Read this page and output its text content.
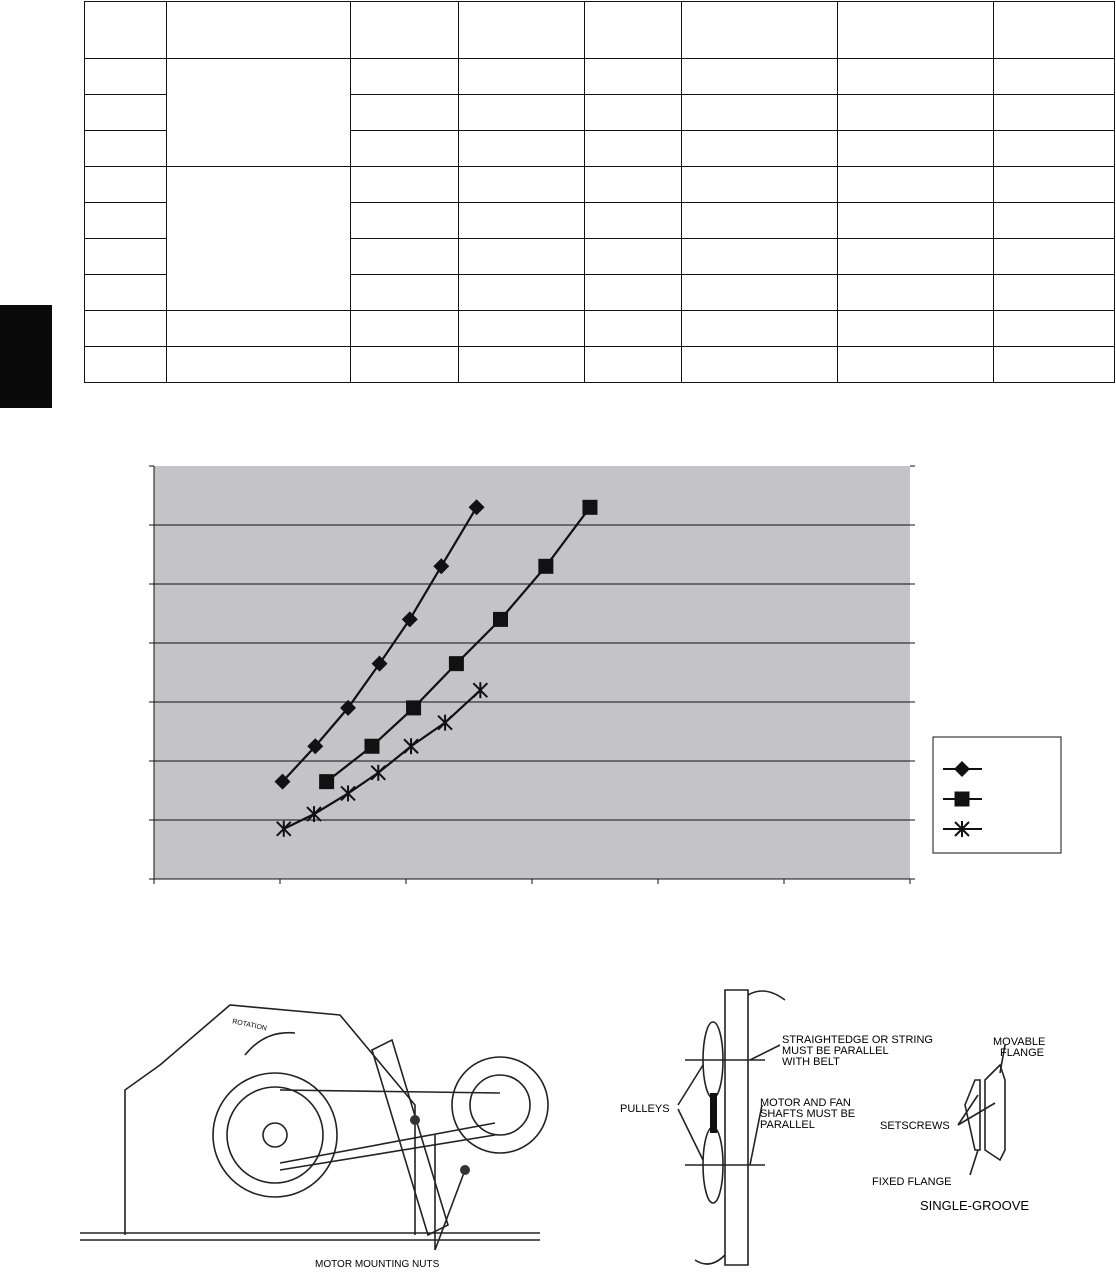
ROTATION
MOTOR MOUNTING NUTS
STRAIGHTEDGE OR STRING
MUST BE PARALLEL
WITH BELT
MOTOR AND FAN
SHAFTS MUST BE
PARALLEL
PULLEYS
MOVABLE
FLANGE
SETSCREWS
FIXED FLANGE
SINGLE-GROOVE
